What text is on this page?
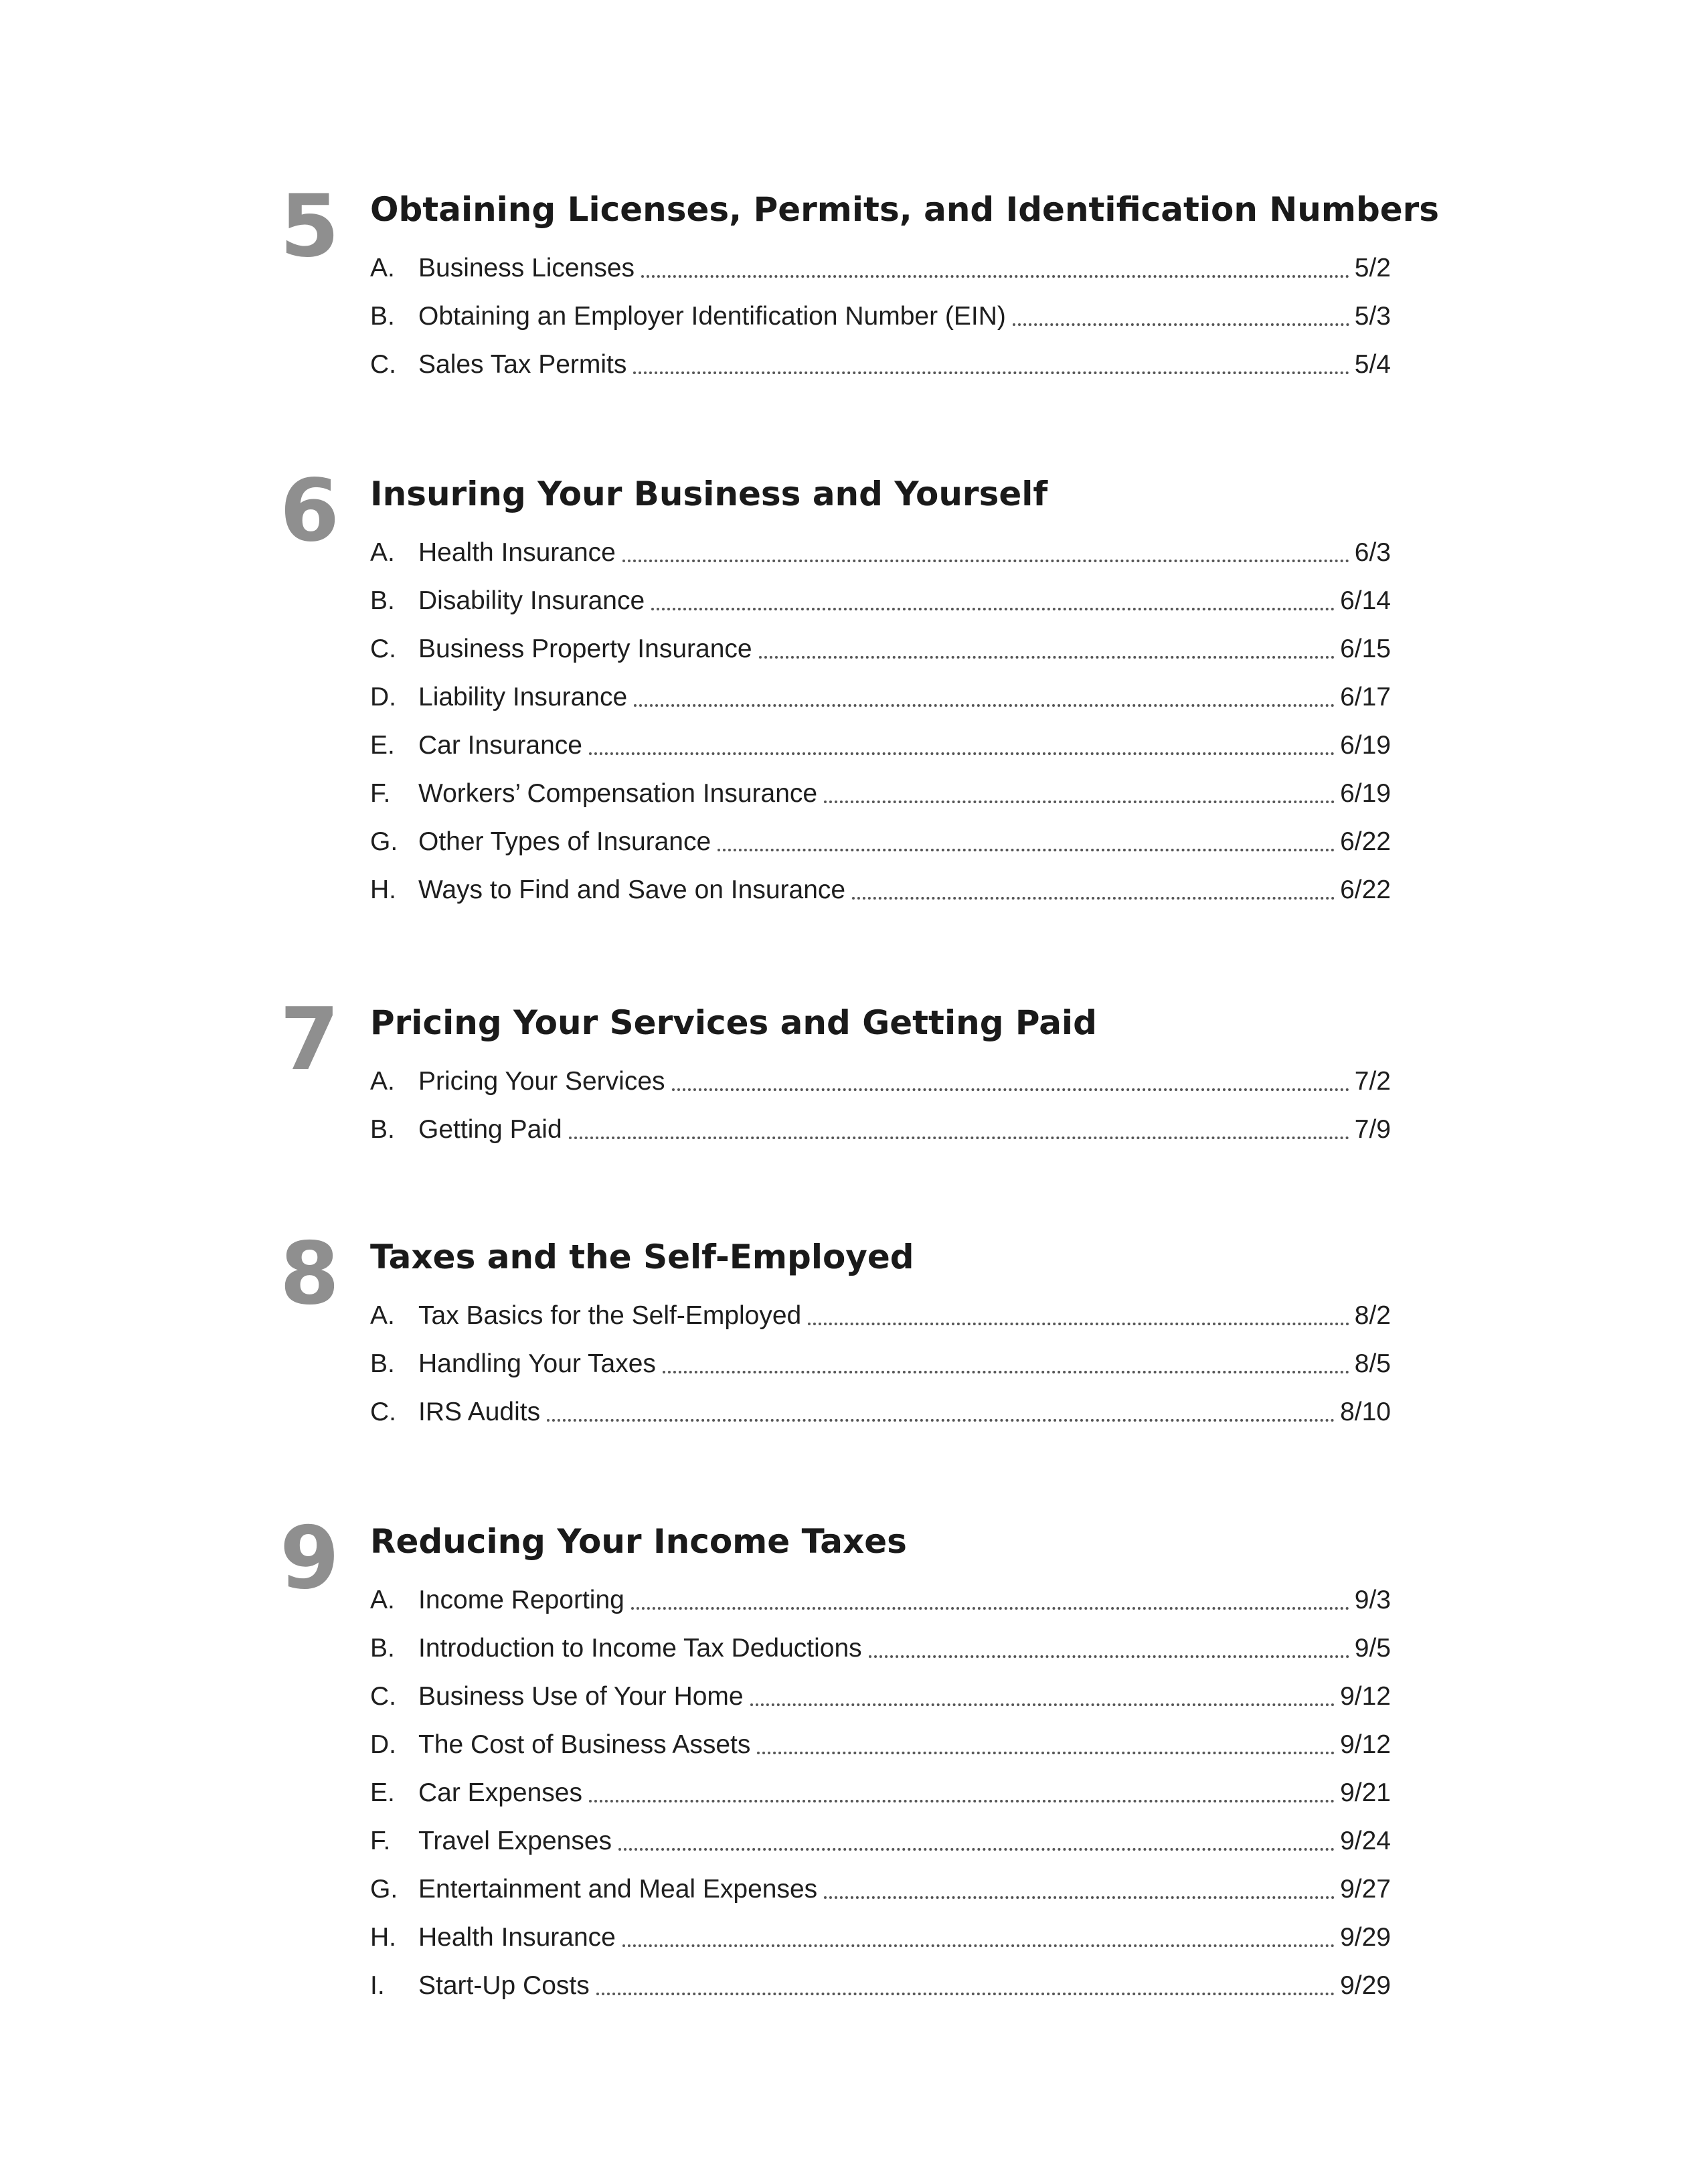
5 Obtaining Licenses, Permits, and Identification Numbers
A. Business Licenses	5/2
B. Obtaining an Employer Identification Number (EIN)	5/3
C. Sales Tax Permits	5/4
6 Insuring Your Business and Yourself
A. Health Insurance	6/3
B. Disability Insurance	6/14
C. Business Property Insurance	6/15
D. Liability Insurance	6/17
E. Car Insurance	6/19
F.	Workers’ Compensation Insurance	6/19
G. Other Types of Insurance	6/22
H. Ways to Find and Save on Insurance	6/22
7 Pricing Your Services and Getting Paid
A. Pricing Your Services	7/2
B. Getting Paid	7/9
8 Taxes and the Self-Employed
A. Tax Basics for the Self-Employed	8/2
B. Handling Your Taxes	8/5
C. IRS Audits	8/10
9 Reducing Your Income Taxes
A. Income Reporting	9/3
B. Introduction to Income Tax Deductions	9/5
C. Business Use of Your Home	9/12
D. The Cost of Business Assets	9/12
E. Car Expenses	9/21
F.	Travel Expenses	9/24
G. Entertainment and Meal Expenses	9/27
H. Health Insurance	9/29
I.	Start-Up Costs	9/29
